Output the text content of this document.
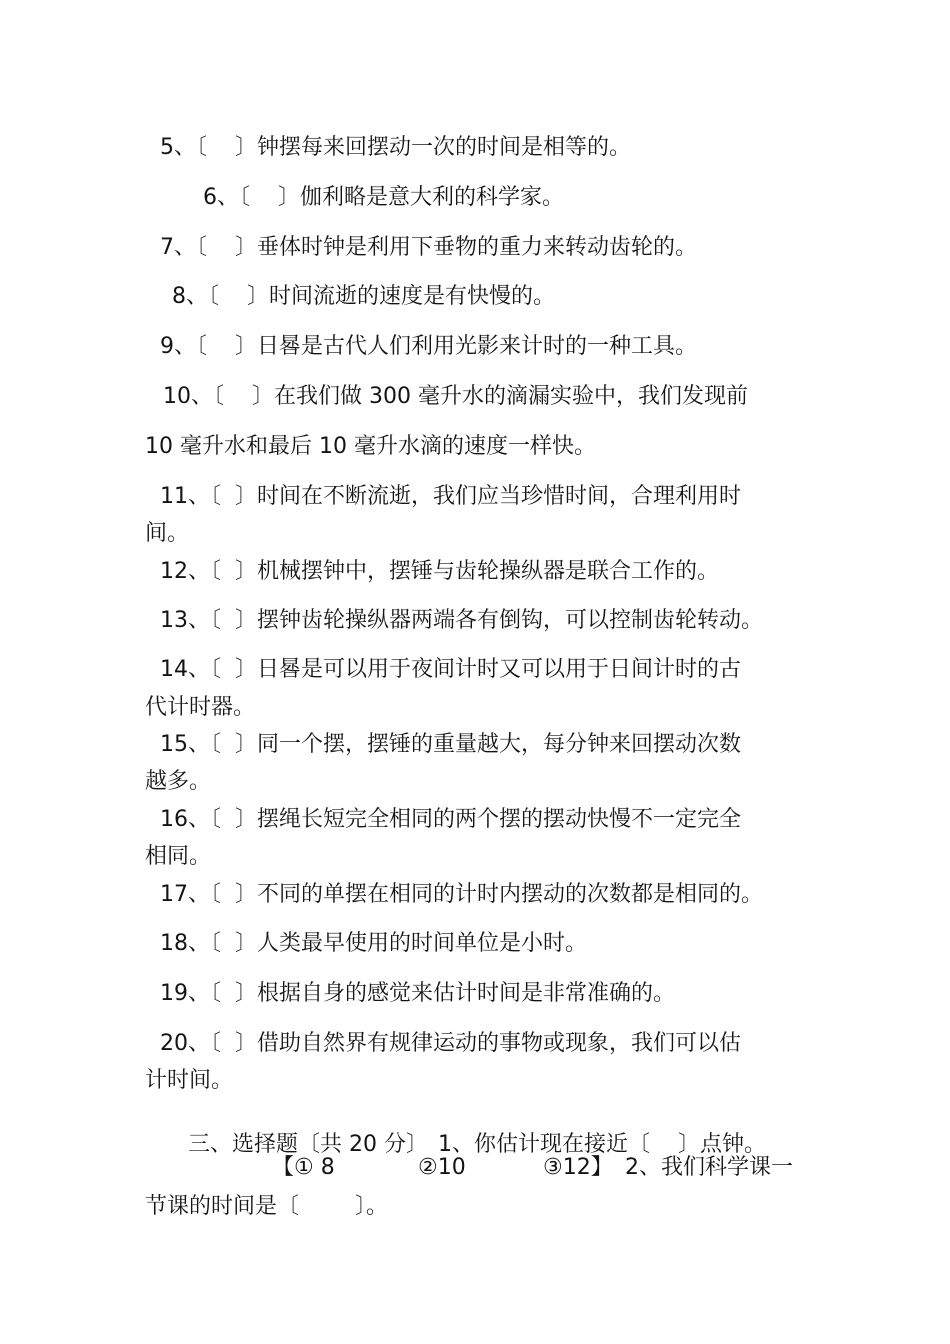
5、〔    〕钟摆每来回摆动一次的时间是相等的。
6、〔    〕伽利略是意大利的科学家。
7、〔    〕垂体时钟是利用下垂物的重力来转动齿轮的。
8、〔    〕时间流逝的速度是有快慢的。
9、〔    〕日晷是古代人们利用光影来计时的一种工具。
10、〔    〕在我们做 300 毫升水的滴漏实验中，我们发现前
10 毫升水和最后 10 毫升水滴的速度一样快。
11、〔  〕时间在不断流逝，我们应当珍惜时间，合理利用时
间。
12、〔  〕机械摆钟中，摆锤与齿轮操纵器是联合工作的。
13、〔  〕摆钟齿轮操纵器两端各有倒钩，可以控制齿轮转动。
14、〔  〕日晷是可以用于夜间计时又可以用于日间计时的古
代计时器。
15、〔  〕同一个摆，摆锤的重量越大，每分钟来回摆动次数
越多。
16、〔  〕摆绳长短完全相同的两个摆的摆动快慢不一定完全
相同。
17、〔  〕不同的单摆在相同的计时内摆动的次数都是相同的。
18、〔  〕人类最早使用的时间单位是小时。
19、〔  〕根据自身的感觉来估计时间是非常准确的。
20、〔  〕借助自然界有规律运动的事物或现象，我们可以估
计时间。

三、选择题〔共 20 分〕 1、你估计现在接近〔    〕点钟。

【① 8	②10	③12】 2、我们科学课一
节课的时间是〔        〕。
